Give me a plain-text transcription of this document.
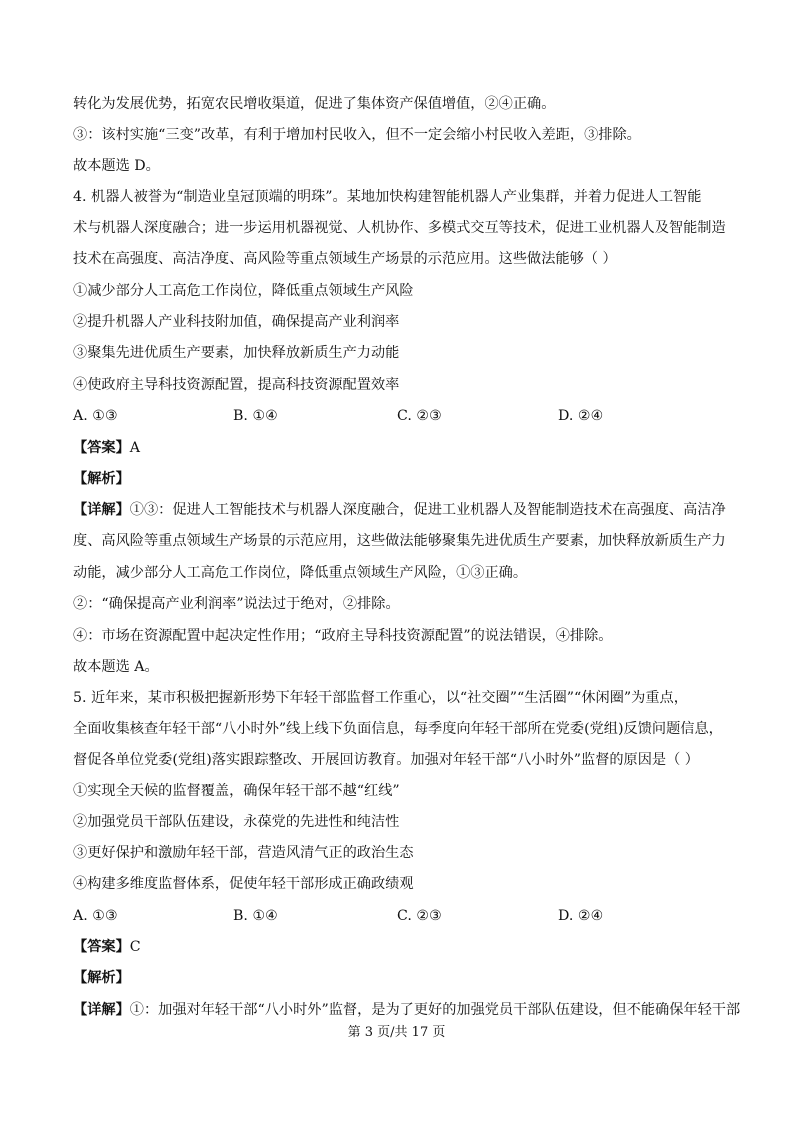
转化为发展优势，拓宽农民增收渠道，促进了集体资产保值增值，②④正确。
③：该村实施“三变”改革，有利于增加村民收入，但不一定会缩小村民收入差距，③排除。
故本题选 D。
4. 机器人被誉为“制造业皇冠顶端的明珠”。某地加快构建智能机器人产业集群，并着力促进人工智能
术与机器人深度融合；进一步运用机器视觉、人机协作、多模式交互等技术，促进工业机器人及智能制造
技术在高强度、高洁净度、高风险等重点领域生产场景的示范应用。这些做法能够（ ）
①减少部分人工高危工作岗位，降低重点领域生产风险
②提升机器人产业科技附加值，确保提高产业利润率
③聚集先进优质生产要素，加快释放新质生产力动能
④使政府主导科技资源配置，提高科技资源配置效率
A. ①③	B. ①④	C. ②③	D. ②④
【答案】A
【解析】
【详解】①③：促进人工智能技术与机器人深度融合，促进工业机器人及智能制造技术在高强度、高洁净
度、高风险等重点领域生产场景的示范应用，这些做法能够聚集先进优质生产要素，加快释放新质生产力
动能，减少部分人工高危工作岗位，降低重点领域生产风险，①③正确。
②：“确保提高产业利润率”说法过于绝对，②排除。
④：市场在资源配置中起决定性作用；“政府主导科技资源配置”的说法错误，④排除。
故本题选 A。
5. 近年来，某市积极把握新形势下年轻干部监督工作重心，以“社交圈”“生活圈”“休闲圈”为重点，
全面收集核查年轻干部“八小时外”线上线下负面信息，每季度向年轻干部所在党委(党组)反馈问题信息，
督促各单位党委(党组)落实跟踪整改、开展回访教育。加强对年轻干部“八小时外”监督的原因是（ ）
①实现全天候的监督覆盖，确保年轻干部不越“红线”
②加强党员干部队伍建设，永葆党的先进性和纯洁性
③更好保护和激励年轻干部，营造风清气正的政治生态
④构建多维度监督体系，促使年轻干部形成正确政绩观
A. ①③	B. ①④	C. ②③	D. ②④
【答案】C
【解析】
【详解】①：加强对年轻干部“八小时外”监督，是为了更好的加强党员干部队伍建设，但不能确保年轻干部
第 3 页/共 17 页
